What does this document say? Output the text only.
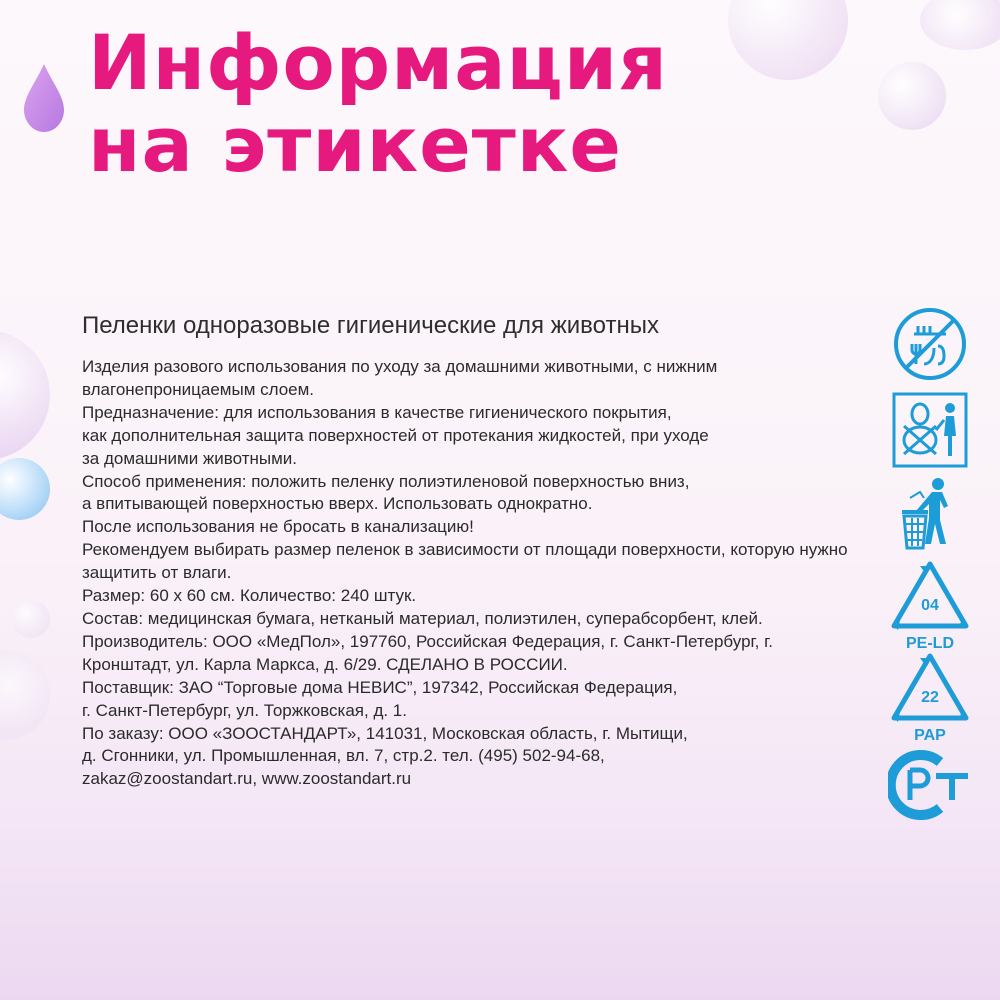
Информация
на этикетке
Пеленки одноразовые гигиенические для животных
Изделия разового использования по уходу за домашними животными, с нижним
влагонепроницаемым слоем.
Предназначение: для использования в качестве гигиенического покрытия,
как дополнительная защита поверхностей от протекания жидкостей, при уходе
за домашними животными.
Способ применения: положить пеленку полиэтиленовой поверхностью вниз,
а впитывающей поверхностью вверх. Использовать однократно.
После использования не бросать в канализацию!
Рекомендуем выбирать размер пеленок в зависимости от площади поверхности, которую нужно
защитить от влаги.
Размер: 60 х 60 см. Количество: 240 штук.
Состав: медицинская бумага, нетканый материал, полиэтилен, суперабсорбент, клей.
Производитель: ООО «МедПол», 197760, Российская Федерация, г. Санкт-Петербург, г.
Кронштадт, ул. Карла Маркса, д. 6/29. СДЕЛАНО В РОССИИ.
Поставщик: ЗАО “Торговые дома НЕВИС”, 197342, Российская Федерация,
г. Санкт-Петербург, ул. Торжковская, д. 1.
По заказу: ООО «ЗООСТАНДАРТ», 141031, Московская область, г. Мытищи,
д. Сгонники, ул. Промышленная, вл. 7, стр.2. тел. (495) 502-94-68,
zakaz@zoostandart.ru, www.zoostandart.ru
04
PE-LD
22
PAP
